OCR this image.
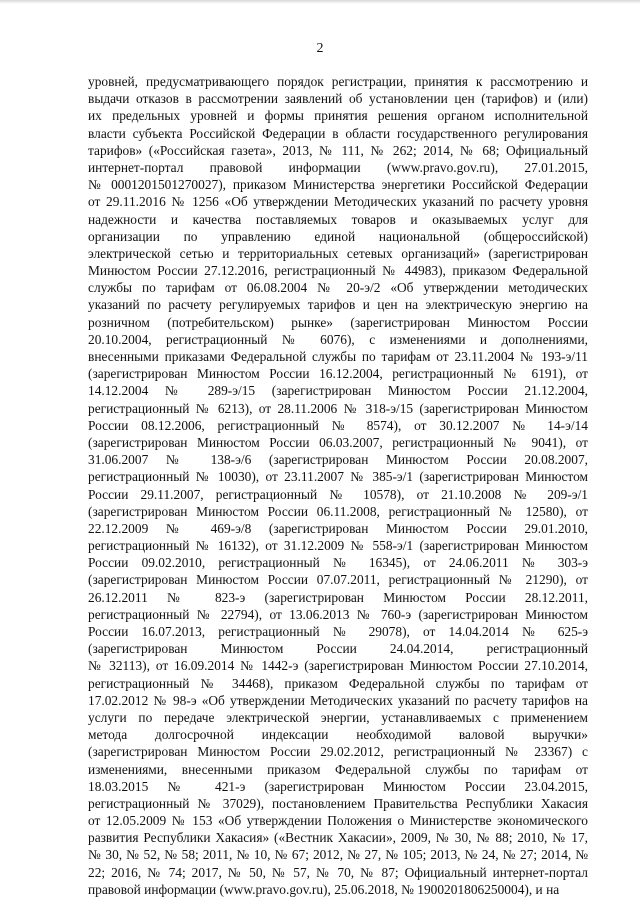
2
уровней, предусматривающего порядок регистрации, принятия к рассмотрению и
выдачи отказов в рассмотрении заявлений об установлении цен (тарифов) и (или)
их предельных уровней и формы принятия решения органом исполнительной
власти субъекта Российской Федерации в области государственного регулирования
тарифов» («Российская газета», 2013, № 111, № 262; 2014, № 68; Официальный
интернет-портал правовой информации (www.pravo.gov.ru), 27.01.2015,
№ 0001201501270027), приказом Министерства энергетики Российской Федерации
от 29.11.2016 № 1256 «Об утверждении Методических указаний по расчету уровня
надежности и качества поставляемых товаров и оказываемых услуг для
организации по управлению единой национальной (общероссийской)
электрической сетью и территориальных сетевых организаций» (зарегистрирован
Минюстом России 27.12.2016, регистрационный № 44983), приказом Федеральной
службы по тарифам от 06.08.2004 № 20-э/2 «Об утверждении методических
указаний по расчету регулируемых тарифов и цен на электрическую энергию на
розничном (потребительском) рынке» (зарегистрирован Минюстом России
20.10.2004, регистрационный № 6076), с изменениями и дополнениями,
внесенными приказами Федеральной службы по тарифам от 23.11.2004 № 193-э/11
(зарегистрирован Минюстом России 16.12.2004, регистрационный № 6191), от
14.12.2004 № 289-э/15 (зарегистрирован Минюстом России 21.12.2004,
регистрационный № 6213), от 28.11.2006 № 318-э/15 (зарегистрирован Минюстом
России 08.12.2006, регистрационный № 8574), от 30.12.2007 № 14-э/14
(зарегистрирован Минюстом России 06.03.2007, регистрационный № 9041), от
31.06.2007 № 138-э/6 (зарегистрирован Минюстом России 20.08.2007,
регистрационный № 10030), от 23.11.2007 № 385-э/1 (зарегистрирован Минюстом
России 29.11.2007, регистрационный № 10578), от 21.10.2008 № 209-э/1
(зарегистрирован Минюстом России 06.11.2008, регистрационный № 12580), от
22.12.2009 № 469-э/8 (зарегистрирован Минюстом России 29.01.2010,
регистрационный № 16132), от 31.12.2009 № 558-э/1 (зарегистрирован Минюстом
России 09.02.2010, регистрационный № 16345), от 24.06.2011 № 303-э
(зарегистрирован Минюстом России 07.07.2011, регистрационный № 21290), от
26.12.2011 № 823-э (зарегистрирован Минюстом России 28.12.2011,
регистрационный № 22794), от 13.06.2013 № 760-э (зарегистрирован Минюстом
России 16.07.2013, регистрационный № 29078), от 14.04.2014 № 625-э
(зарегистрирован Минюстом России 24.04.2014, регистрационный
№ 32113), от 16.09.2014 № 1442-э (зарегистрирован Минюстом России 27.10.2014,
регистрационный № 34468), приказом Федеральной службы по тарифам от
17.02.2012 № 98-э «Об утверждении Методических указаний по расчету тарифов на
услуги по передаче электрической энергии, устанавливаемых с применением
метода долгосрочной индексации необходимой валовой выручки»
(зарегистрирован Минюстом России 29.02.2012, регистрационный № 23367) с
изменениями, внесенными приказом Федеральной службы по тарифам от
18.03.2015 № 421-э (зарегистрирован Минюстом России 23.04.2015,
регистрационный № 37029), постановлением Правительства Республики Хакасия
от 12.05.2009 № 153 «Об утверждении Положения о Министерстве экономического
развития Республики Хакасия» («Вестник Хакасии», 2009, № 30, № 88; 2010, № 17,
№ 30, № 52, № 58; 2011, № 10, № 67; 2012, № 27, № 105; 2013, № 24, № 27; 2014, №
22; 2016, № 74; 2017, № 50, № 57, № 70, № 87; Официальный интернет-портал
правовой информации (www.pravo.gov.ru), 25.06.2018, № 1900201806250004), и на
